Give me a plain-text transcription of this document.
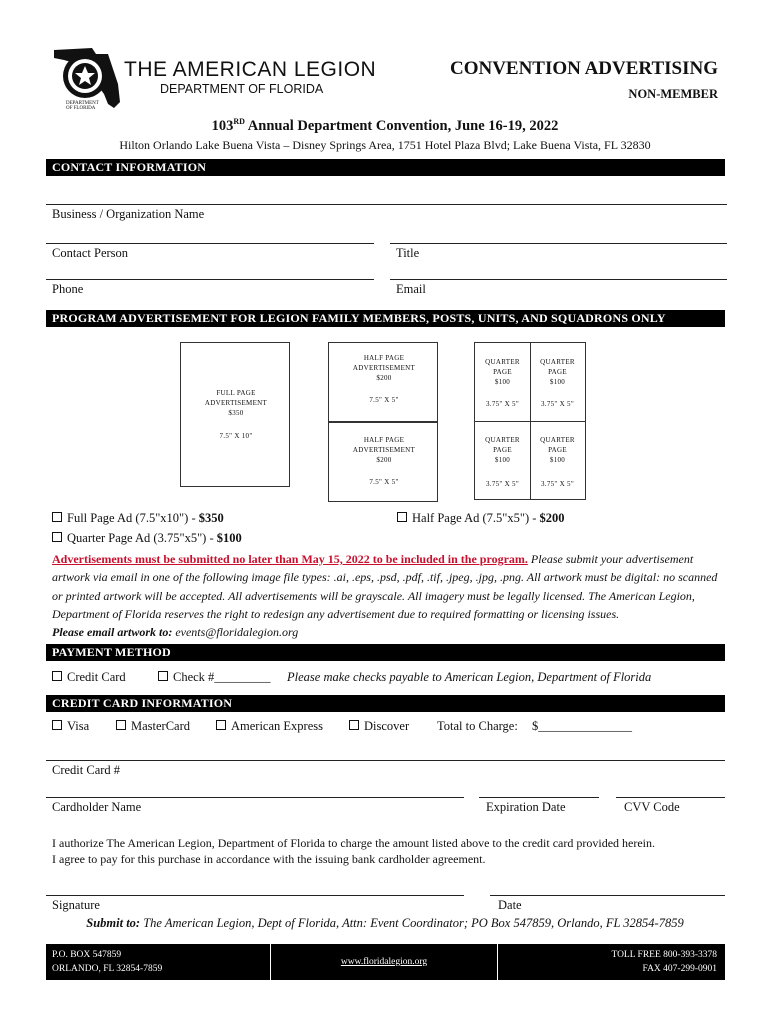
DEPARTMENT OF FLORIDA
THE AMERICAN LEGION
DEPARTMENT OF FLORIDA
CONVENTION ADVERTISING
NON-MEMBER
103RD Annual Department Convention, June 16-19, 2022
Hilton Orlando Lake Buena Vista – Disney Springs Area, 1751 Hotel Plaza Blvd; Lake Buena Vista, FL 32830
CONTACT INFORMATION
Business / Organization Name
Contact Person	Title
Phone	Email
PROGRAM ADVERTISEMENT FOR LEGION FAMILY MEMBERS, POSTS, UNITS, AND SQUADRONS ONLY
FULL PAGE
ADVERTISEMENT
$350
7.5" X 10"
HALF PAGE
ADVERTISEMENT
$200
7.5" X 5"
HALF PAGE
ADVERTISEMENT
$200
7.5" X 5"
QUARTER
PAGE
$100
3.75" X 5"
QUARTER
PAGE
$100
3.75" X 5"
QUARTER
PAGE
$100
3.75" X 5"
QUARTER
PAGE
$100
3.75" X 5"
Full Page Ad (7.5"x10") - $350	Half Page Ad (7.5"x5") - $200
Quarter Page Ad (3.75"x5") - $100
Advertisements must be submitted no later than May 15, 2022 to be included in the program. Please submit your advertisement artwork via email in one of the following image file types: .ai, .eps, .psd, .pdf, .tif, .jpeg, .jpg, .png. All artwork must be digital: no scanned or printed artwork will be accepted. All advertisements will be grayscale. All imagery must be legally licensed. The American Legion, Department of Florida reserves the right to redesign any advertisement due to required formatting or licensing issues.
Please email artwork to: events@floridalegion.org
PAYMENT METHOD
Credit Card	Check #_________ Please make checks payable to American Legion, Department of Florida
CREDIT CARD INFORMATION
Visa	MasterCard	American Express	Discover Total to Charge: $_______________
Credit Card #
Cardholder Name	Expiration Date	CVV Code
I authorize The American Legion, Department of Florida to charge the amount listed above to the credit card provided herein.
I agree to pay for this purchase in accordance with the issuing bank cardholder agreement.
Signature	Date
Submit to: The American Legion, Dept of Florida, Attn: Event Coordinator; PO Box 547859, Orlando, FL 32854-7859
P.O. BOX 547859
ORLANDO, FL 32854-7859
www.floridalegion.org
TOLL FREE 800-393-3378
FAX 407-299-0901
